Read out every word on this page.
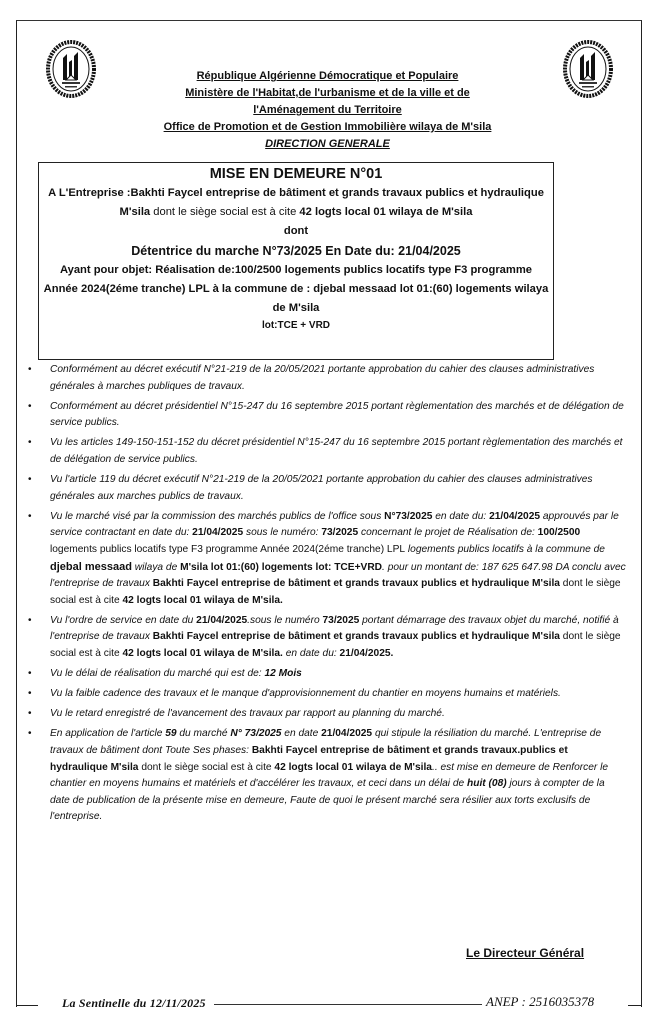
République Algérienne Démocratique et Populaire
Ministère de l'Habitat,de l'urbanisme et de la ville et de
l'Aménagement du Territoire
Office de Promotion et de Gestion Immobilière wilaya de M'sila
DIRECTION GENERALE
MISE EN DEMEURE N°01
A L'Entreprise :Bakhti Faycel entreprise de bâtiment et grands travaux publics et hydraulique M'sila dont le siège social est à cite 42 logts local 01 wilaya de M'sila
dont
Détentrice du marche N°73/2025 En Date du: 21/04/2025
Ayant pour objet: Réalisation de:100/2500 logements publics locatifs type F3 programme Année 2024(2éme tranche) LPL à la commune de : djebal messaad lot 01:(60) logements wilaya de M'sila
lot:TCE + VRD
• Conformément au décret exécutif N°21-219 de la 20/05/2021 portante approbation du cahier des clauses administratives générales à marches publiques de travaux.
• Conformément au décret présidentiel N°15-247 du 16 septembre 2015 portant règlementation des marchés et de délégation de service publics.
• Vu les articles 149-150-151-152 du décret présidentiel N°15-247 du 16 septembre 2015 portant règlementation des marchés et de délégation de service publics.
• Vu l'article 119 du décret exécutif N°21-219 de la 20/05/2021 portante approbation du cahier des clauses administratives générales aux marches publics de travaux.
• Vu le marché visé par la commission des marchés publics de l'office sous N°73/2025 en date du: 21/04/2025 approuvés par le service contractant en date du: 21/04/2025 sous le numéro: 73/2025 concernant le projet de Réalisation de: 100/2500 logements publics locatifs type F3 programme Année 2024(2éme tranche) LPL logements publics locatifs à la commune de djebal messaad wilaya de M'sila lot 01:(60) logements lot: TCE+VRD. pour un montant de: 187 625 647.98 DA conclu avec l'entreprise de travaux Bakhti Faycel entreprise de bâtiment et grands travaux publics et hydraulique M'sila dont le siège social est à cite 42 logts local 01 wilaya de M'sila.
• Vu l'ordre de service en date du 21/04/2025.sous le numéro 73/2025 portant démarrage des travaux objet du marché, notifié à l'entreprise de travaux Bakhti Faycel entreprise de bâtiment et grands travaux publics et hydraulique M'sila dont le siège social est à cite 42 logts local 01 wilaya de M'sila. en date du: 21/04/2025.
• Vu le délai de réalisation du marché qui est de: 12 Mois
• Vu la faible cadence des travaux et le manque d'approvisionnement du chantier en moyens humains et matériels.
• Vu le retard enregistré de l'avancement des travaux par rapport au planning du marché.
• En application de l'article 59 du marché N° 73/2025 en date 21/04/2025 qui stipule la résiliation du marché. L'entreprise de travaux de bâtiment dont Toute Ses phases: Bakhti Faycel entreprise de bâtiment et grands travaux.publics et hydraulique M'sila dont le siège social est à cite 42 logts local 01 wilaya de M'sila.. est mise en demeure de Renforcer le chantier en moyens humains et matériels et d'accélérer les travaux, et ceci dans un délai de huit (08) jours à compter de la date de publication de la présente mise en demeure, Faute de quoi le présent marché sera résilier aux torts exclusifs de l'entreprise.
Le Directeur Général
La Sentinelle du 12/11/2025	ANEP : 2516035378
